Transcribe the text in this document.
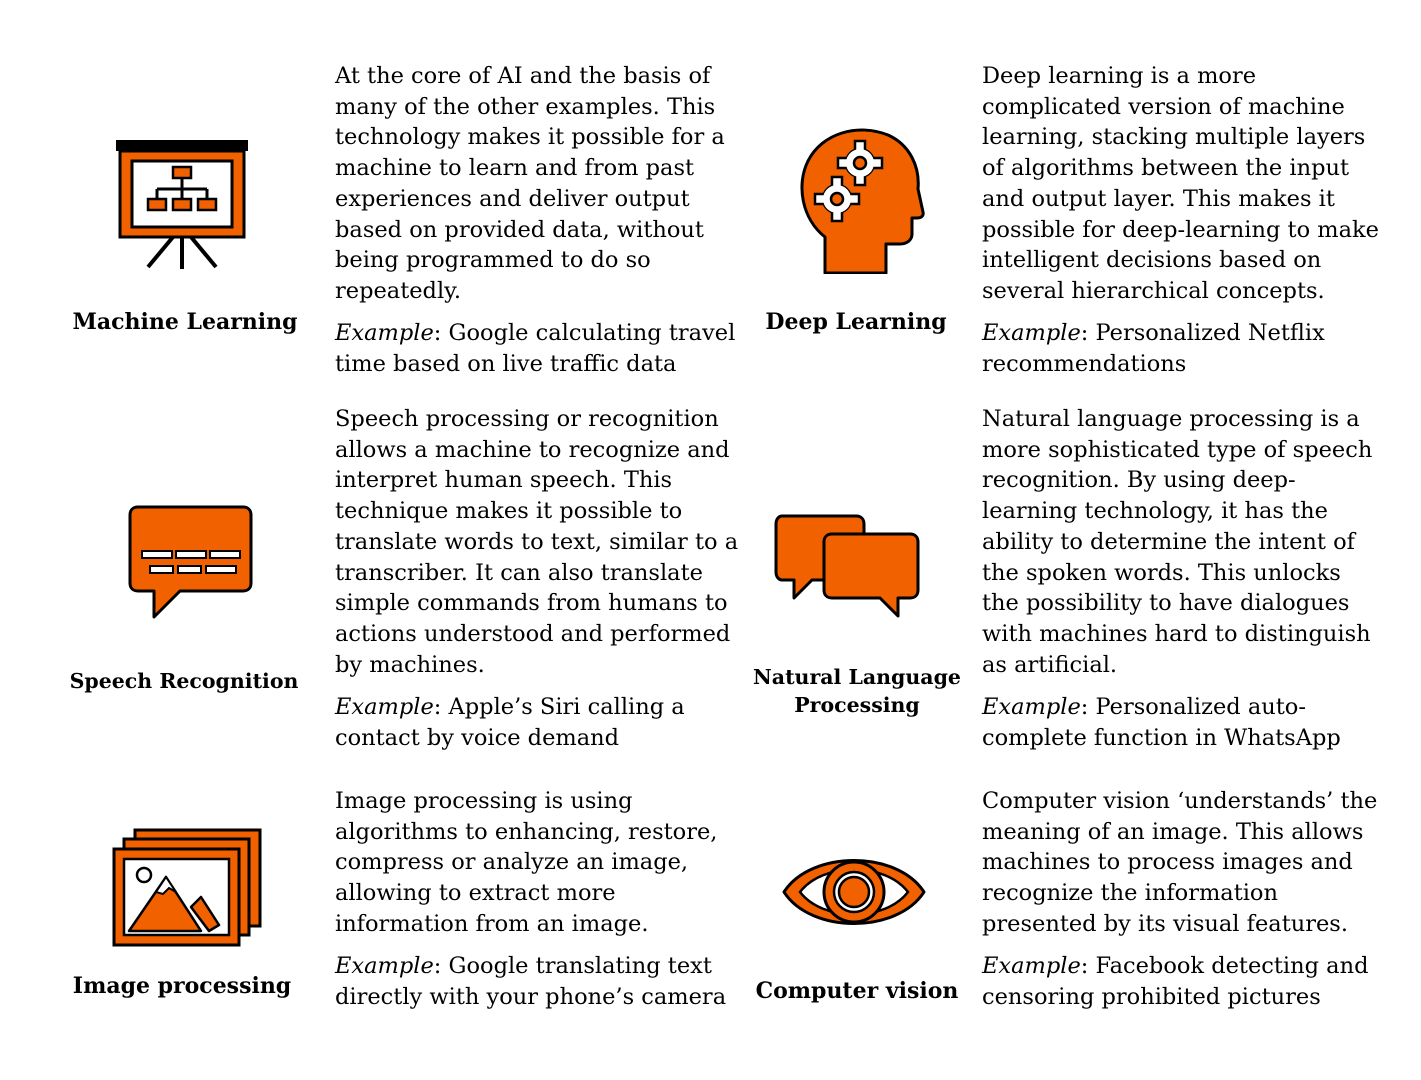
Machine Learning
At the core of AI and the basis of
many of the other examples. This
technology makes it possible for a
machine to learn and from past
experiences and deliver output
based on provided data, without
being programmed to do so
repeatedly.
Example: Google calculating travel
time based on live traffic data
Deep Learning
Deep learning is a more
complicated version of machine
learning, stacking multiple layers
of algorithms between the input
and output layer. This makes it
possible for deep-learning to make
intelligent decisions based on
several hierarchical concepts.
Example: Personalized Netflix
recommendations
Speech Recognition
Speech processing or recognition
allows a machine to recognize and
interpret human speech. This
technique makes it possible to
translate words to text, similar to a
transcriber. It can also translate
simple commands from humans to
actions understood and performed
by machines.
Example: Apple’s Siri calling a
contact by voice demand
Natural Language
Processing
Natural language processing is a
more sophisticated type of speech
recognition. By using deep-
learning technology, it has the
ability to determine the intent of
the spoken words. This unlocks
the possibility to have dialogues
with machines hard to distinguish
as artificial.
Example: Personalized auto-
complete function in WhatsApp
Image processing
Image processing is using
algorithms to enhancing, restore,
compress or analyze an image,
allowing to extract more
information from an image.
Example: Google translating text
directly with your phone’s camera	Computer vision
Computer vision ‘understands’ the
meaning of an image. This allows
machines to process images and
recognize the information
presented by its visual features.
Example: Facebook detecting and
censoring prohibited pictures
